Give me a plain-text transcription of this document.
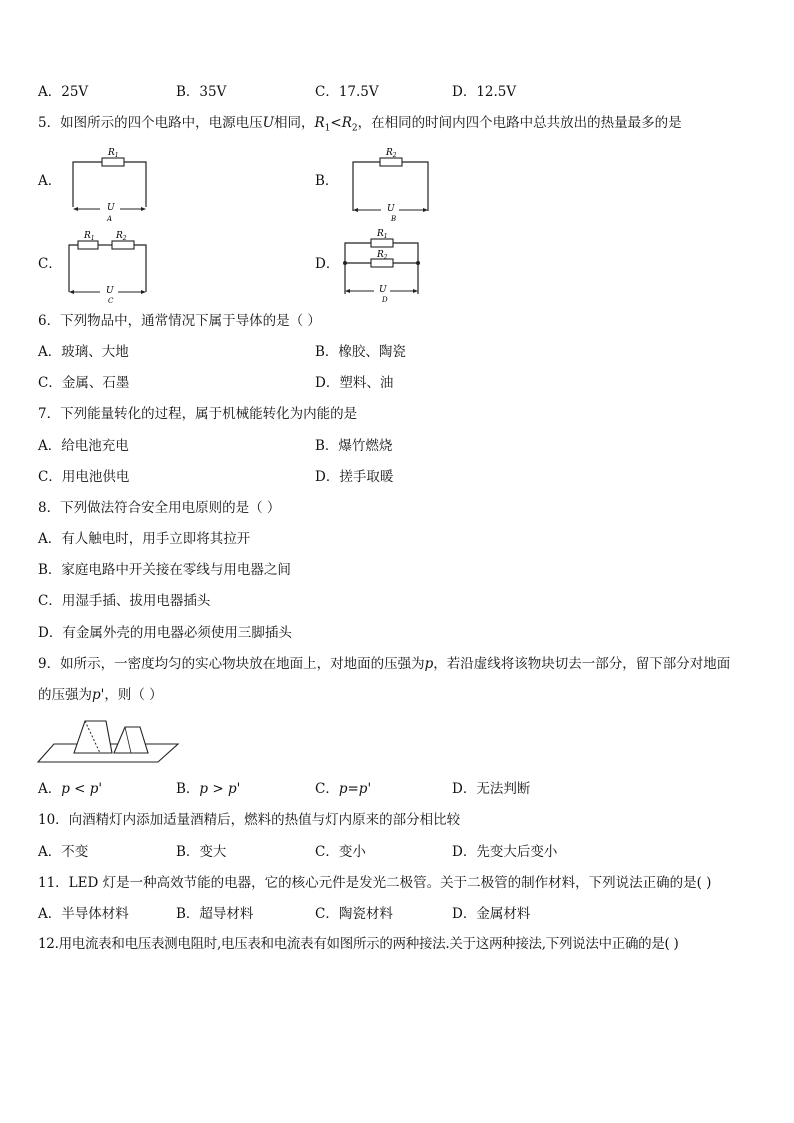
A．25V	B．35V	C．17.5V	D．12.5V
5．如图所示的四个电路中，电源电压U相同，$R_1<R_2$，在相同的时间内四个电路中总共放出的热量最多的是
A．	B．
C．	D．
$R_1$
U
A
$R_2$
U
B
$R_1$ $R_2$
U
C
$R_1$
$R_2$
U
D
6．下列物品中，通常情况下属于导体的是（ ）
A．玻璃、大地	B．橡胶、陶瓷
C．金属、石墨	D．塑料、油
7．下列能量转化的过程，属于机械能转化为内能的是
A．给电池充电	B．爆竹燃烧
C．用电池供电	D．搓手取暖
8．下列做法符合安全用电原则的是（ ）
A．有人触电时，用手立即将其拉开
B．家庭电路中开关接在零线与用电器之间
C．用湿手插、拔用电器插头
D．有金属外壳的用电器必须使用三脚插头
9．如所示，一密度均匀的实心物块放在地面上，对地面的压强为p，若沿虚线将该物块切去一部分，留下部分对地面
的压强为p'，则（ ）
A．p < p'	B．p > p'	C．p=p'	D．无法判断
10．向酒精灯内添加适量酒精后，燃料的热值与灯内原来的部分相比较
A．不变	B．变大	C．变小	D．先变大后变小
11．LED 灯是一种高效节能的电器，它的核心元件是发光二极管。关于二极管的制作材料，下列说法正确的是( )
A．半导体材料	B．超导材料	C．陶瓷材料	D．金属材料
12.用电流表和电压表测电阻时,电压表和电流表有如图所示的两种接法.关于这两种接法,下列说法中正确的是( )
